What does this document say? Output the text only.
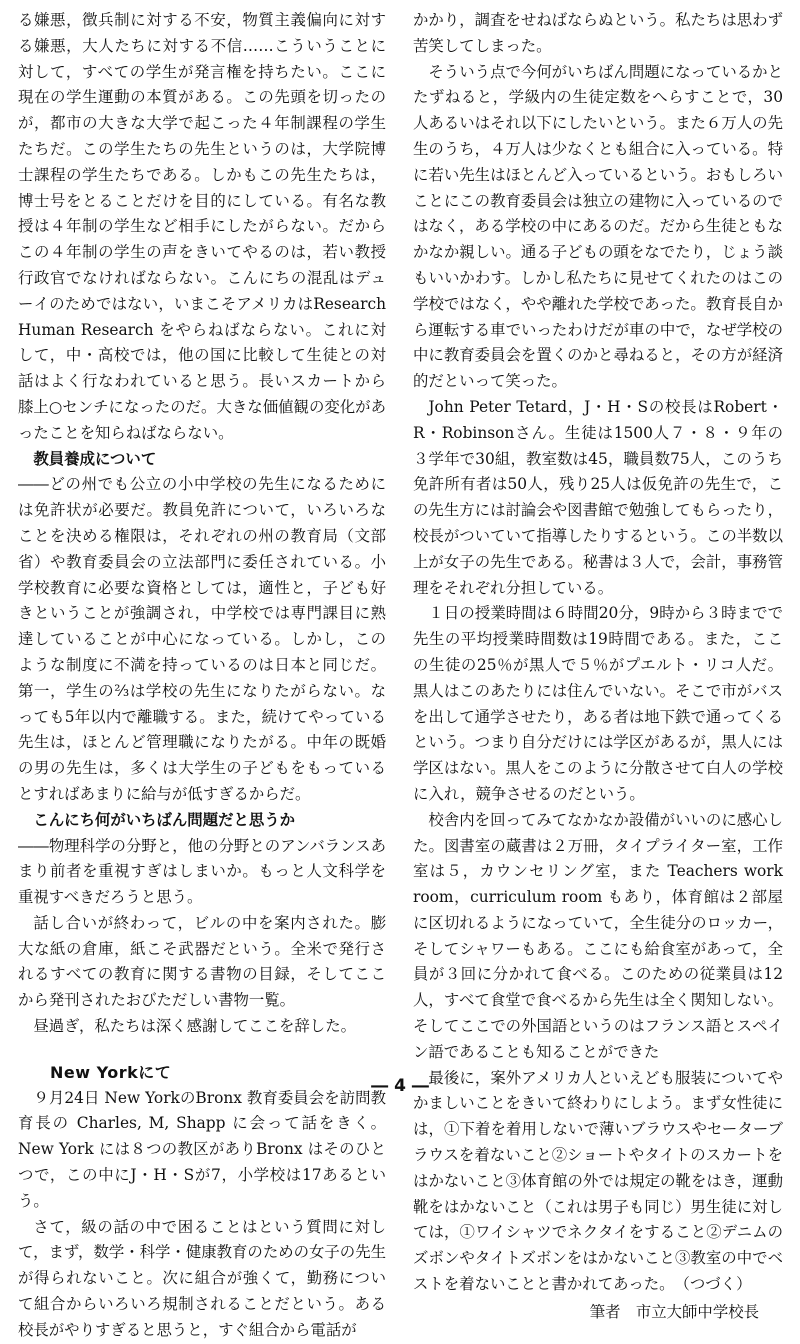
る嫌悪，徴兵制に対する不安，物質主義偏向に対する嫌悪，大人たちに対する不信……こういうことに対して，すべての学生が発言権を持ちたい。ここに現在の学生運動の本質がある。この先頭を切ったのが，都市の大きな大学で起こった４年制課程の学生たちだ。この学生たちの先生というのは，大学院博士課程の学生たちである。しかもこの先生たちは，博士号をとることだけを目的にしている。有名な教授は４年制の学生など相手にしたがらない。だからこの４年制の学生の声をきいてやるのは，若い教授行政官でなければならない。こんにちの混乱はデューイのためではない，いまこそアメリカはResearch Human Research をやらねばならない。これに対して，中・高校では，他の国に比較して生徒との対話はよく行なわれていると思う。長いスカートから膝上○センチになったのだ。大きな価値観の変化があったことを知らねばならない。

教員養成について

――どの州でも公立の小中学校の先生になるためには免許状が必要だ。教員免許について，いろいろなことを決める権限は，それぞれの州の教育局（文部省）や教育委員会の立法部門に委任されている。小学校教育に必要な資格としては，適性と，子ども好きということが強調され，中学校では専門課目に熟達していることが中心になっている。しかし，このような制度に不満を持っているのは日本と同じだ。第一，学生の⅔は学校の先生になりたがらない。なっても5年以内で離職する。また，続けてやっている先生は，ほとんど管理職になりたがる。中年の既婚の男の先生は，多くは大学生の子どもをもっているとすればあまりに給与が低すぎるからだ。

こんにち何がいちばん問題だと思うか

――物理科学の分野と，他の分野とのアンバランスあまり前者を重視すぎはしまいか。もっと人文科学を重視すべきだろうと思う。

話し合いが終わって，ビルの中を案内された。膨大な紙の倉庫，紙こそ武器だという。全米で発行されるすべての教育に関する書物の目録，そしてここから発刊されたおびただしい書物一覧。

昼過ぎ，私たちは深く感謝してここを辞した。

New Yorkにて

９月24日 New YorkのBronx 教育委員会を訪問教育長の Charles, M, Shapp に会って話をきく。New York には８つの教区がありBronx はそのひとつで，この中にJ・H・Sが7，小学校は17あるという。

さて，級の話の中で困ることはという質問に対して，まず，数学・科学・健康教育のための女子の先生が得られないこと。次に組合が強くて，勤務について組合からいろいろ規制されることだという。ある校長がやりすぎると思うと，すぐ組合から電話が

かかり，調査をせねばならぬという。私たちは思わず苦笑してしまった。

そういう点で今何がいちばん問題になっているかとたずねると，学級内の生徒定数をへらすことで，30人あるいはそれ以下にしたいという。また６万人の先生のうち，４万人は少なくとも組合に入っている。特に若い先生はほとんど入っているという。おもしろいことにこの教育委員会は独立の建物に入っているのではなく，ある学校の中にあるのだ。だから生徒ともなかなか親しい。通る子どもの頭をなでたり，じょう談もいいかわす。しかし私たちに見せてくれたのはこの学校ではなく，やや離れた学校であった。教育長自から運転する車でいったわけだが車の中で，なぜ学校の中に教育委員会を置くのかと尋ねると，その方が経済的だといって笑った。

John Peter Tetard，J・H・Sの校長はRobert・R・Robinsonさん。生徒は1500人７・８・９年の３学年で30組，教室数は45，職員数75人，このうち免許所有者は50人，残り25人は仮免許の先生で，この先生方には討論会や図書館で勉強してもらったり，校長がついていて指導したりするという。この半数以上が女子の先生である。秘書は３人で，会計，事務管理をそれぞれ分担している。

１日の授業時間は６時間20分，9時から３時までで先生の平均授業時間数は19時間である。また，ここの生徒の25％が黒人で５％がプエルト・リコ人だ。黒人はこのあたりには住んでいない。そこで市がバスを出して通学させたり，ある者は地下鉄で通ってくるという。つまり自分だけには学区があるが，黒人には学区はない。黒人をこのように分散させて白人の学校に入れ，競争させるのだという。

校舎内を回ってみてなかなか設備がいいのに感心した。図書室の蔵書は２万冊，タイプライター室，工作室は５，カウンセリング室，また Teachers work room，curriculum room もあり，体育館は２部屋に区切れるようになっていて，全生徒分のロッカー，そしてシャワーもある。ここにも給食室があって，全員が３回に分かれて食べる。このための従業員は12人，すべて食堂で食べるから先生は全く関知しない。そしてここでの外国語というのはフランス語とスペイン語であることも知ることができた

最後に，案外アメリカ人といえども服装についてやかましいことをきいて終わりにしよう。まず女性徒には，①下着を着用しないで薄いブラウスやセーターブラウスを着ないこと②ショートやタイトのスカートをはかないこと③体育館の外では規定の靴をはき，運動靴をはかないこと（これは男子も同じ）男生徒に対しては，①ワイシャツでネクタイをすること②デニムのズボンやタイトズボンをはかないこと③教室の中でベストを着ないことと書かれてあった。　 （つづく）

筆者　市立大師中学校長

― 4 ―
